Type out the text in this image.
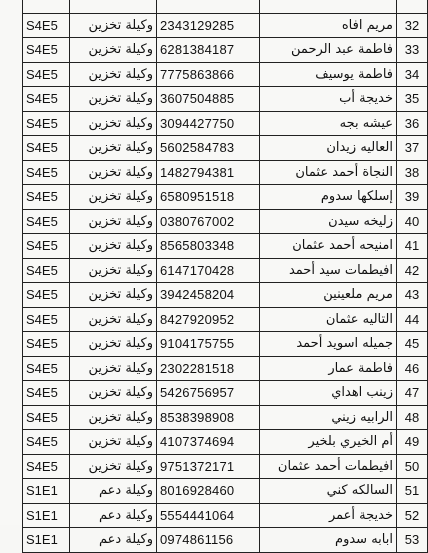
S4E5	وكيلة تخزين	2343129285	مريم افاه	32
S4E5	وكيلة تخزين	6281384187	فاطمة عبد الرحمن	33
S4E5	وكيلة تخزين	7775863866	فاطمة يوسيف	34
S4E5	وكيلة تخزين	3607504885	خديجة أب	35
S4E5	وكيلة تخزين	3094427750	عيشه بجه	36
S4E5	وكيلة تخزين	5602584783	العاليه زيدان	37
S4E5	وكيلة تخزين	1482794381	النجاة أحمد عثمان	38
S4E5	وكيلة تخزين	6580951518	إسلكها سدوم	39
S4E5	وكيلة تخزين	0380767002	زليخه سيدن	40
S4E5	وكيلة تخزين	8565803348	امنيحه أحمد عثمان	41
S4E5	وكيلة تخزين	6147170428	افيطمات سيد أحمد	42
S4E5	وكيلة تخزين	3942458204	مريم ملعينين	43
S4E5	وكيلة تخزين	8427920952	التاليه عثمان	44
S4E5	وكيلة تخزين	9104175755	جميله اسويد أحمد	45
S4E5	وكيلة تخزين	2302281518	فاطمة عمار	46
S4E5	وكيلة تخزين	5426756957	زينب اهداي	47
S4E5	وكيلة تخزين	8538398908	الرابيه زيني	48
S4E5	وكيلة تخزين	4107374694	أم الخيري بلخير	49
S4E5	وكيلة تخزين	9751372171	افيطمات أحمد عثمان	50
S1E1	وكيلة دعم	8016928460	السالكه كني	51
S1E1	وكيلة دعم	5554441064	خديجة أعمر	52
S1E1	وكيلة دعم	0974861156	ابابه سدوم	53
